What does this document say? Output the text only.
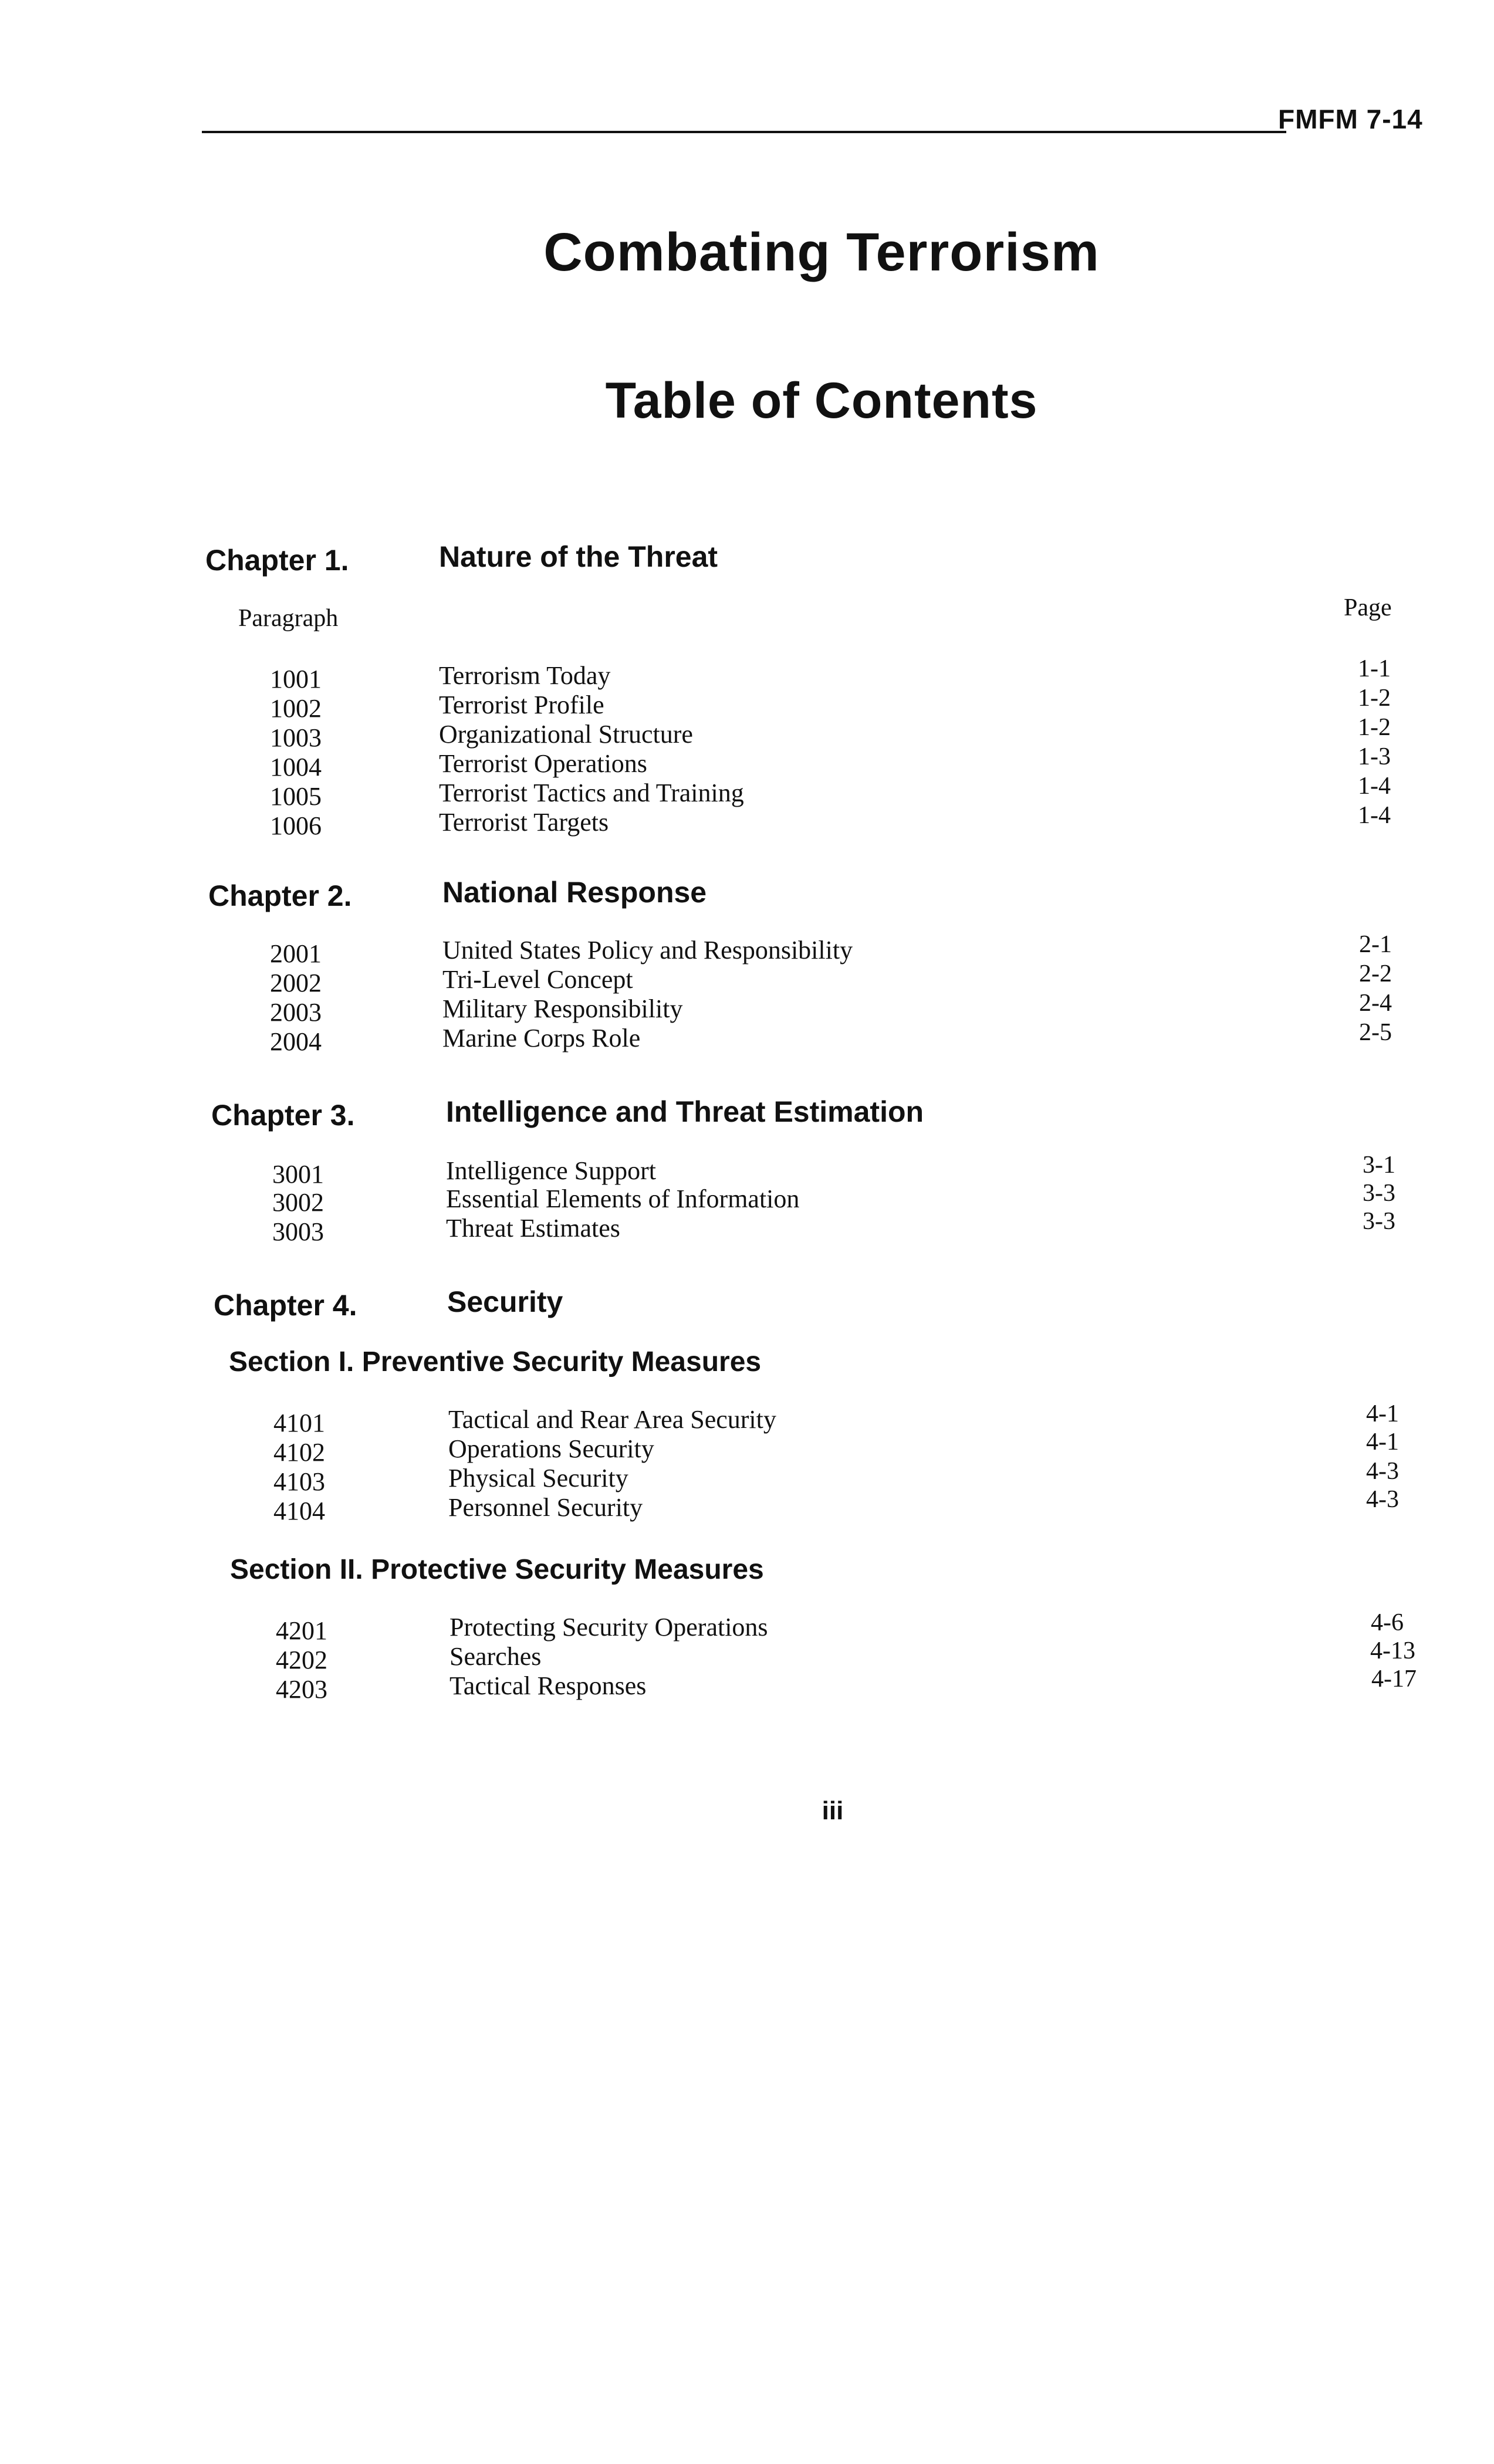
FMFM 7-14
Combating Terrorism
Table of Contents
Chapter 1.	Nature of the Threat
Paragraph	Page
1001	Terrorism Today	1-1
1002	Terrorist Profile	1-2
1003	Organizational Structure	1-2
1004	Terrorist Operations	1-3
1005	Terrorist Tactics and Training	1-4
1006	Terrorist Targets	1-4
Chapter 2.	National Response
2001	United States Policy and Responsibility	2-1
2002	Tri-Level Concept	2-2
2003	Military Responsibility	2-4
2004	Marine Corps Role	2-5
Chapter 3.	Intelligence and Threat Estimation
3001	Intelligence Support	3-1
3002	Essential Elements of Information	3-3
3003	Threat Estimates	3-3
Chapter 4.	Security
Section I. Preventive Security Measures
4101	Tactical and Rear Area Security	4-1
4102	Operations Security	4-1
4103	Physical Security	4-3
4104	Personnel Security	4-3
Section II. Protective Security Measures
4201	Protecting Security Operations	4-6
4202	Searches	4-13
4203	Tactical Responses	4-17
iii
